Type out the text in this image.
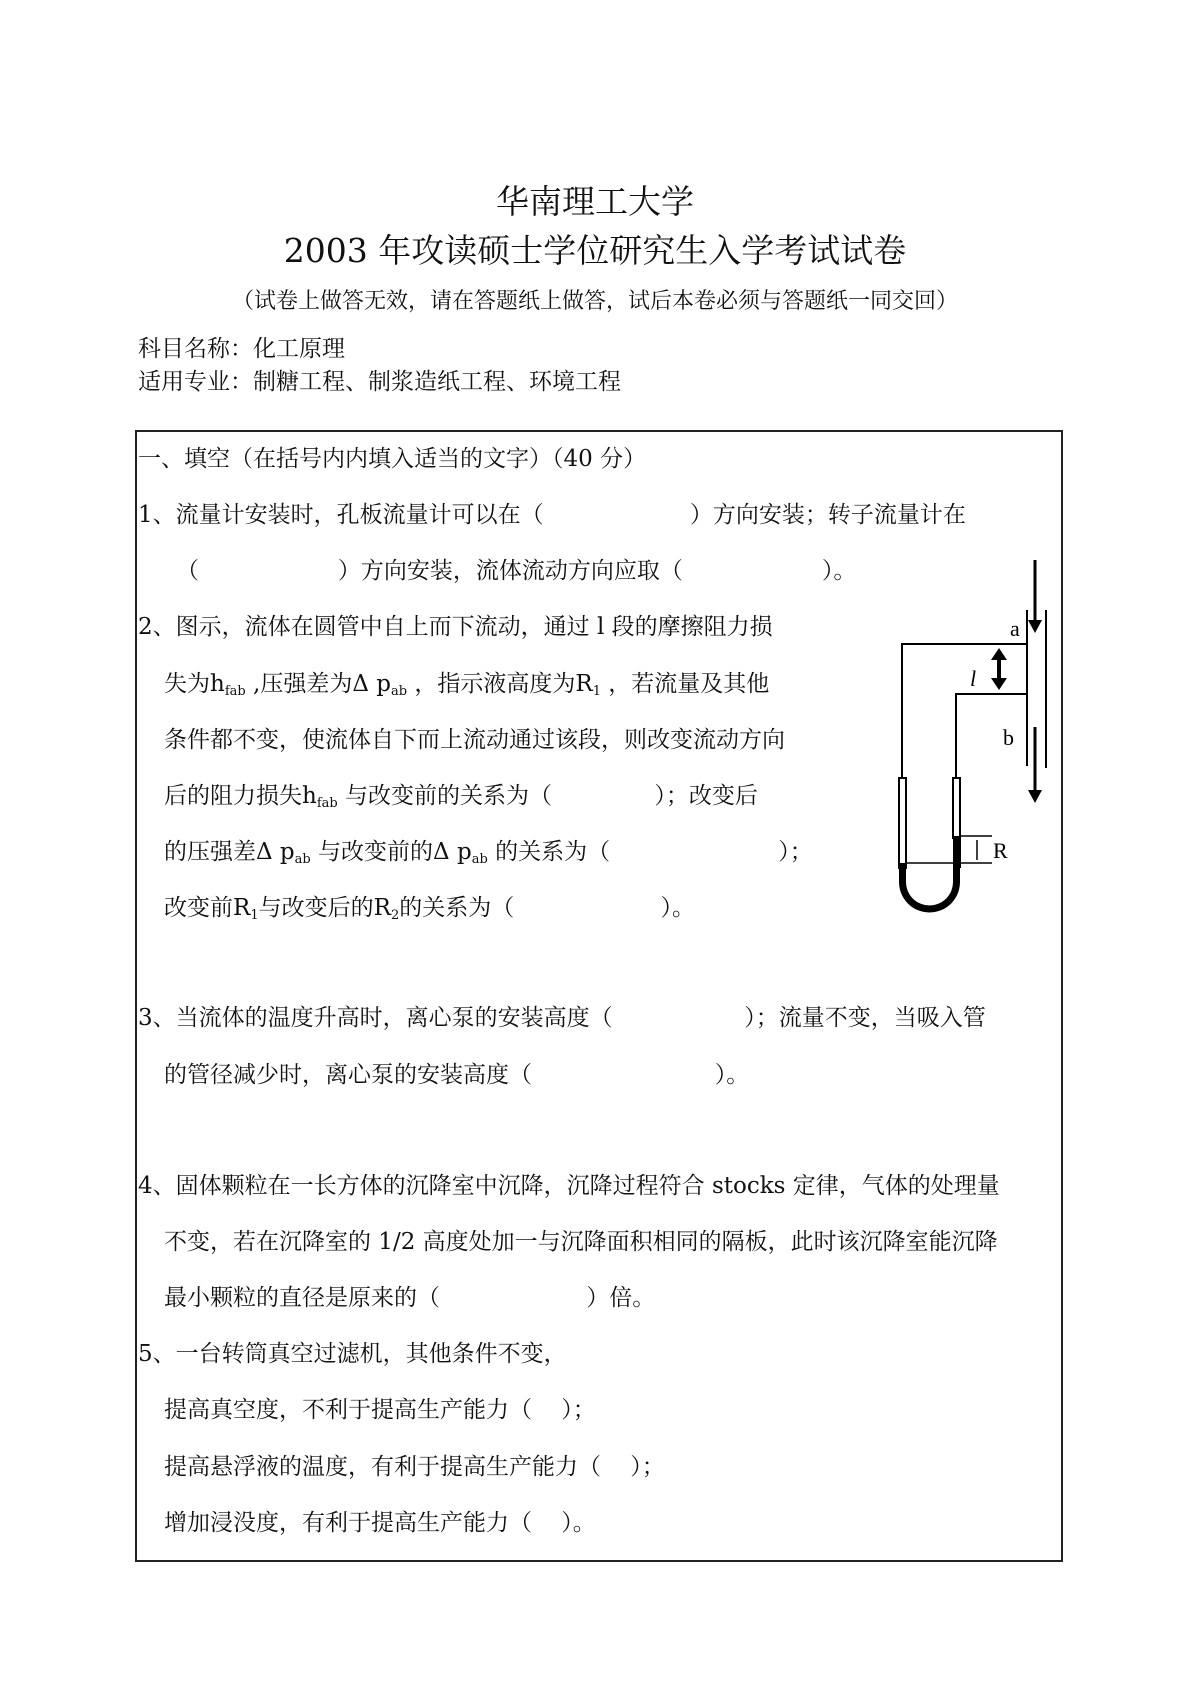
华南理工大学
2003 年攻读硕士学位研究生入学考试试卷
（试卷上做答无效，请在答题纸上做答，试后本卷必须与答题纸一同交回）
科目名称：化工原理
适用专业：制糖工程、制浆造纸工程、环境工程
一、填空（在括号内内填入适当的文字）（40 分）
1、流量计安装时，孔板流量计可以在（                    ）方向安装；转子流量计在
（                   ）方向安装，流体流动方向应取（                   ）。
2、图示，流体在圆管中自上而下流动，通过 l 段的摩擦阻力损
失为$h_{fab}$ ,压强差为Δ $p_{ab}$ ，指示液高度为$R_1$ ，若流量及其他
条件都不变，使流体自下而上流动通过该段，则改变流动方向
后的阻力损失$h_{fab}$ 与改变前的关系为（              ）；改变后
的压强差Δ $p_{ab}$ 与改变前的Δ $p_{ab}$ 的关系为（                       ）；
改变前$R_1$与改变后的$R_2$的关系为（                    ）。
a
l
b
R
3、当流体的温度升高时，离心泵的安装高度（                  ）；流量不变，当吸入管
的管径减少时，离心泵的安装高度（                         ）。
4、固体颗粒在一长方体的沉降室中沉降，沉降过程符合 stocks 定律，气体的处理量
不变，若在沉降室的 1/2 高度处加一与沉降面积相同的隔板，此时该沉降室能沉降
最小颗粒的直径是原来的（                    ）倍。
5、一台转筒真空过滤机，其他条件不变，
提高真空度，不利于提高生产能力（    ）；
提高悬浮液的温度，有利于提高生产能力（    ）；
增加浸没度，有利于提高生产能力（    ）。
